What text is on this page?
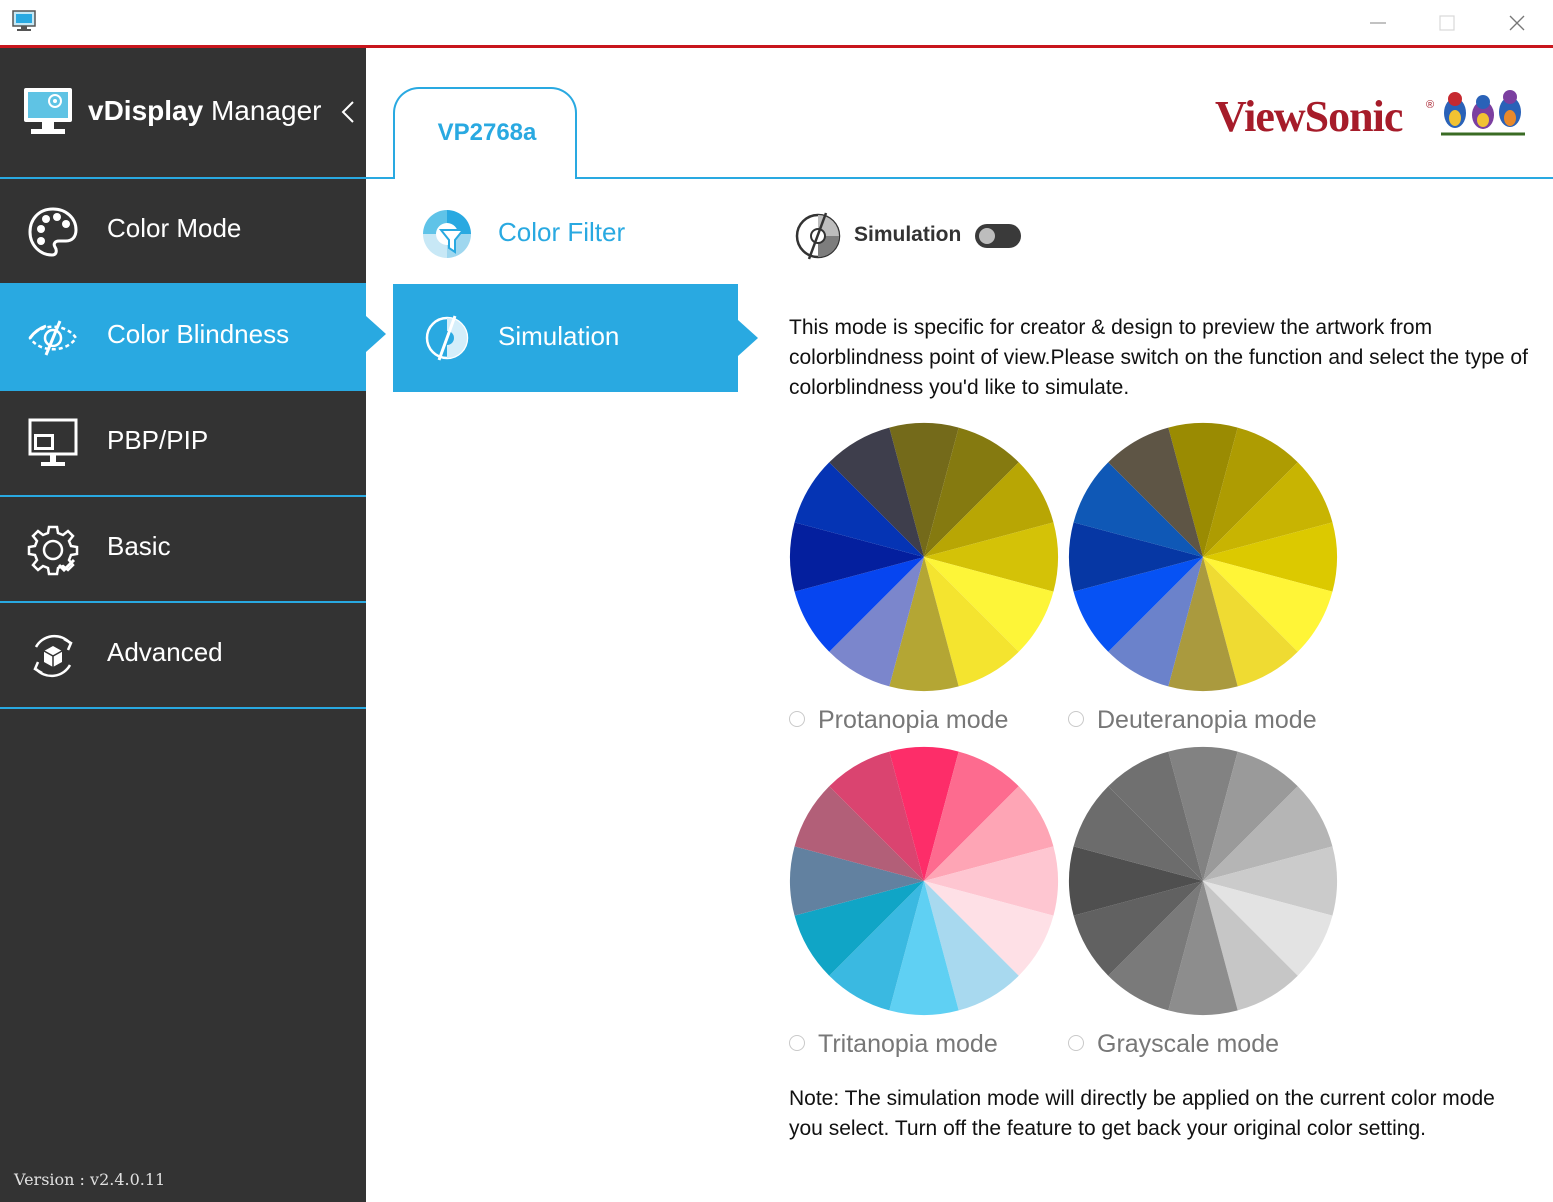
vDisplay Manager
Color Mode
Color Blindness
PBP/PIP
Basic
Advanced
Version : v2.4.0.11
VP2768a	ViewSonic ®
Color Filter
Simulation
Simulation
This mode is specific for creator & design to preview the artwork from colorblindness point of view.Please switch on the function and select the type of colorblindness you'd like to simulate.
Protanopia mode	Deuteranopia mode
Tritanopia mode	Grayscale mode
Note: The simulation mode will directly be applied on the current color mode you select. Turn off the feature to get back your original color setting.
